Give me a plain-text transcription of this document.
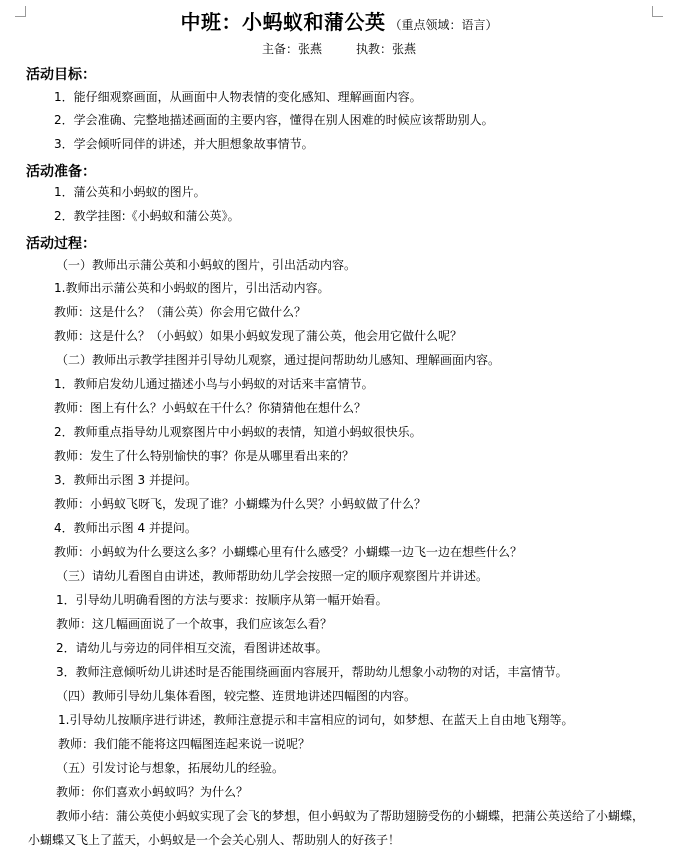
中班：小蚂蚁和蒲公英 （重点领域：语言）
主备：张燕	执教：张燕
活动目标：
1．能仔细观察画面，从画面中人物表情的变化感知、理解画面内容。
2．学会准确、完整地描述画面的主要内容，懂得在别人困难的时候应该帮助别人。
3．学会倾听同伴的讲述，并大胆想象故事情节。
活动准备：
1．蒲公英和小蚂蚁的图片。
2．教学挂图:《小蚂蚁和蒲公英》。
活动过程：
（一）教师出示蒲公英和小蚂蚁的图片，引出活动内容。
1.教师出示蒲公英和小蚂蚁的图片，引出活动内容。
教师：这是什么？（蒲公英）你会用它做什么？
教师：这是什么？（小蚂蚁）如果小蚂蚁发现了蒲公英，他会用它做什么呢？
（二）教师出示教学挂图并引导幼儿观察，通过提问帮助幼儿感知、理解画面内容。
1．教师启发幼儿通过描述小鸟与小蚂蚁的对话来丰富情节。
教师：图上有什么？小蚂蚁在干什么？你猜猜他在想什么？
2．教师重点指导幼儿观察图片中小蚂蚁的表情，知道小蚂蚁很快乐。
教师：发生了什么特别愉快的事？你是从哪里看出来的？
3．教师出示图 3 并提问。
教师：小蚂蚁飞呀飞，发现了谁？小蝴蝶为什么哭？小蚂蚁做了什么？
4．教师出示图 4 并提问。
教师：小蚂蚁为什么要这么多？小蝴蝶心里有什么感受？小蝴蝶一边飞一边在想些什么？
（三）请幼儿看图自由讲述，教师帮助幼儿学会按照一定的顺序观察图片并讲述。
1．引导幼儿明确看图的方法与要求：按顺序从第一幅开始看。
教师：这几幅画面说了一个故事，我们应该怎么看？
2．请幼儿与旁边的同伴相互交流，看图讲述故事。
3．教师注意倾听幼儿讲述时是否能围绕画面内容展开，帮助幼儿想象小动物的对话，丰富情节。
（四）教师引导幼儿集体看图，较完整、连贯地讲述四幅图的内容。
1.引导幼儿按顺序进行讲述，教师注意提示和丰富相应的词句，如梦想、在蓝天上自由地飞翔等。
教师：我们能不能将这四幅图连起来说一说呢？
（五）引发讨论与想象，拓展幼儿的经验。
教师：你们喜欢小蚂蚁吗？为什么？
教师小结：蒲公英使小蚂蚁实现了会飞的梦想，但小蚂蚁为了帮助翅膀受伤的小蝴蝶，把蒲公英送给了小蝴蝶，
小蝴蝶又飞上了蓝天，小蚂蚁是一个会关心别人、帮助别人的好孩子！
